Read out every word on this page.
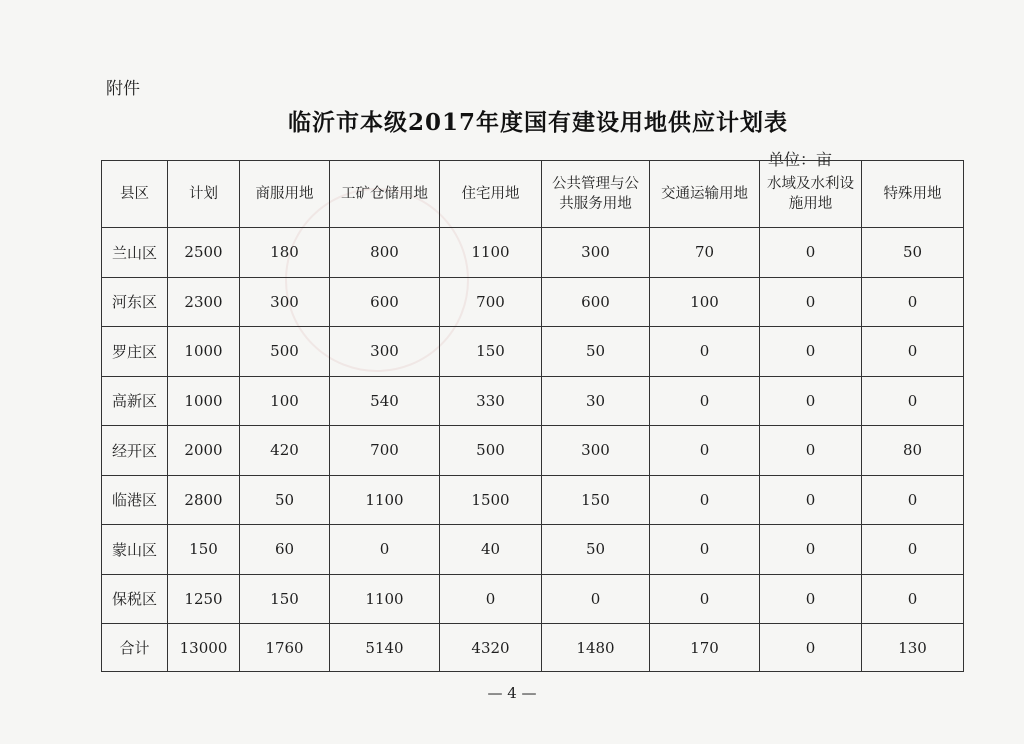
附件
临沂市本级2017年度国有建设用地供应计划表
单位：亩
县区	计划	商服用地	工矿仓储用地	住宅用地	公共管理与公共服务用地	交通运输用地	水域及水利设施用地	特殊用地
兰山区	2500	180	800	1100	300	70	0	50
河东区	2300	300	600	700	600	100	0	0
罗庄区	1000	500	300	150	50	0	0	0
高新区	1000	100	540	330	30	0	0	0
经开区	2000	420	700	500	300	0	0	80
临港区	2800	50	1100	1500	150	0	0	0
蒙山区	150	60	0	40	50	0	0	0
保税区	1250	150	1100	0	0	0	0	0
合计	13000	1760	5140	4320	1480	170	0	130
— 4 —
